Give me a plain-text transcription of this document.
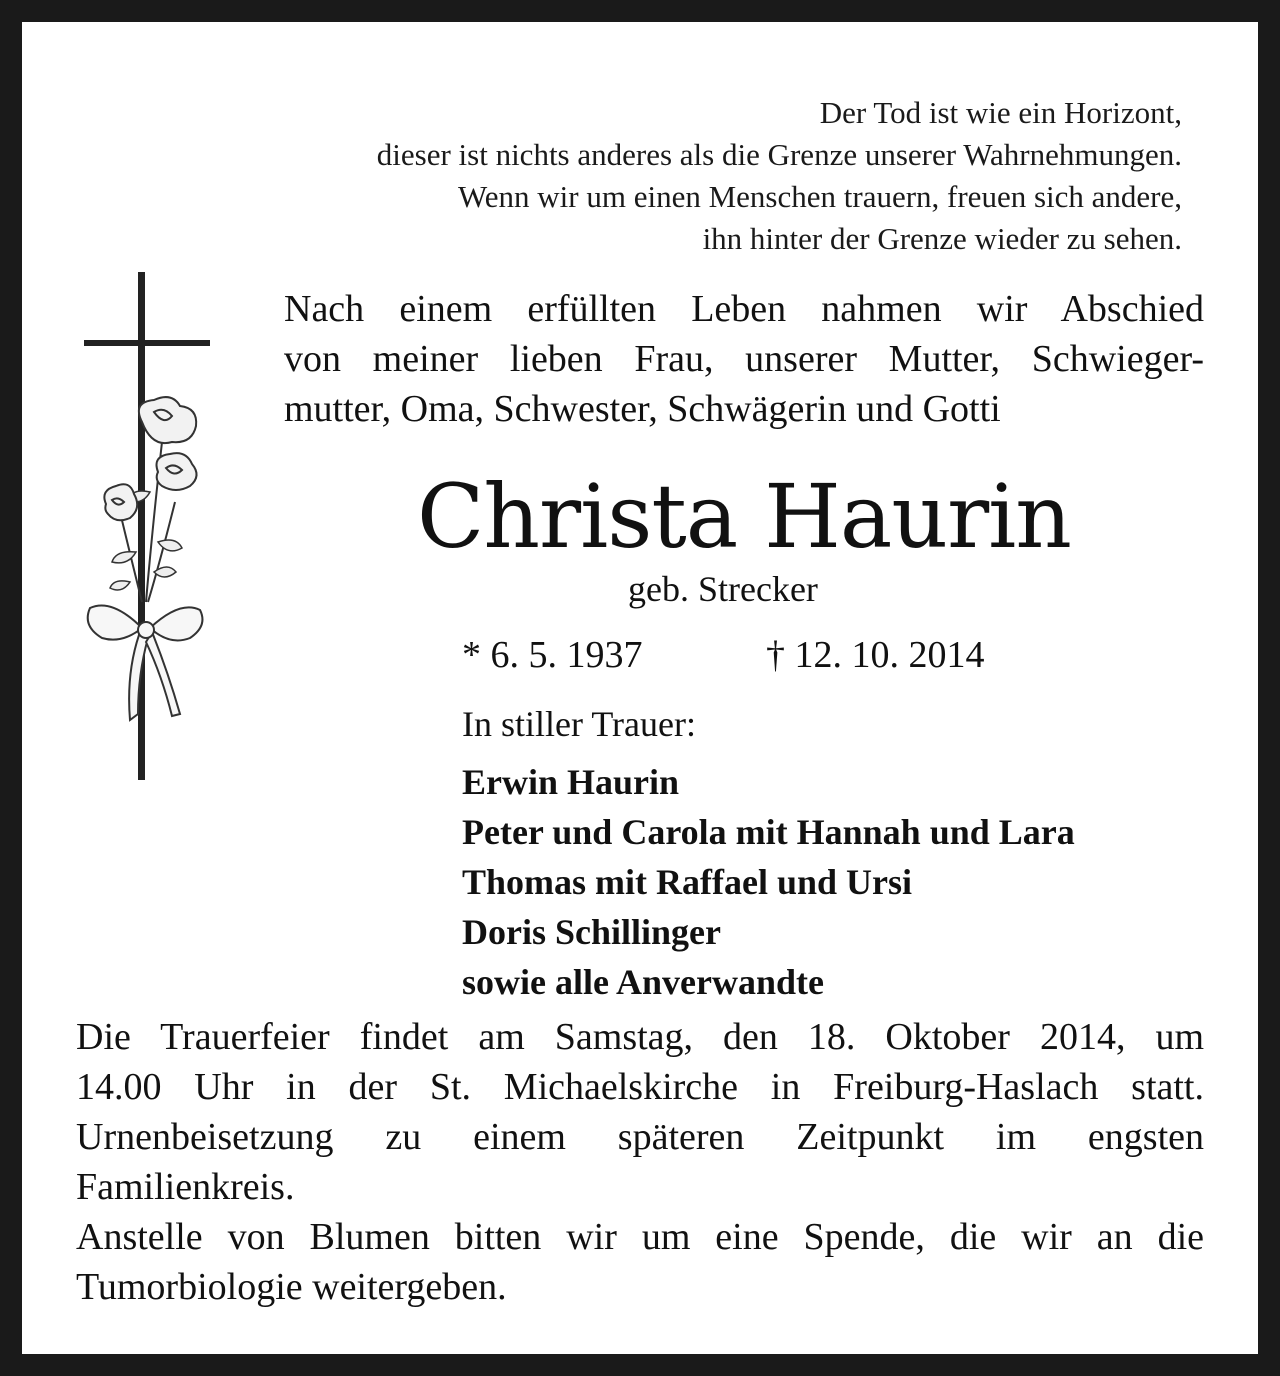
Der Tod ist wie ein Horizont,
dieser ist nichts anderes als die Grenze unserer Wahrnehmungen.
Wenn wir um einen Menschen trauern, freuen sich andere,
ihn hinter der Grenze wieder zu sehen.
Nach einem erfüllten Leben nahmen wir Abschied
von meiner lieben Frau, unserer Mutter, Schwieger-
mutter, Oma, Schwester, Schwägerin und Gotti
Christa Haurin
geb. Strecker
* 6. 5. 1937	† 12. 10. 2014
In stiller Trauer:
Erwin Haurin
Peter und Carola mit Hannah und Lara
Thomas mit Raffael und Ursi
Doris Schillinger
sowie alle Anverwandte
Die Trauerfeier findet am Samstag, den 18. Oktober 2014, um
14.00 Uhr in der St. Michaelskirche in Freiburg-Haslach statt.
Urnenbeisetzung zu einem späteren Zeitpunkt im engsten
Familienkreis.
Anstelle von Blumen bitten wir um eine Spende, die wir an die
Tumorbiologie weitergeben.
